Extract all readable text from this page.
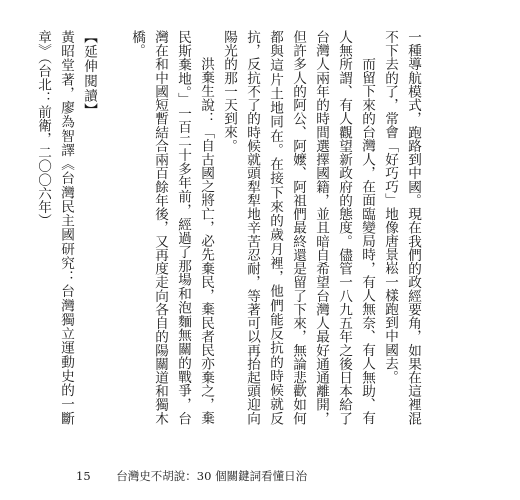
一種導航模式，跑路到中國。現在我們的政經要角，如果在這裡混不下去的了，常會「好巧巧」地像唐景崧一樣跑到中國去。

而留下來的台灣人，在面臨變局時，有人無奈、有人無助、有人無所謂、有人觀望新政府的態度。儘管一八九五年之後日本給了台灣人兩年的時間選擇國籍，並且暗自希望台灣人最好通通離開，但許多人的阿公、阿嬤、阿祖們最終還是留了下來，無論悲歡如何都與這片土地同在。在接下來的歲月裡，他們能反抗的時候就反抗，反抗不了的時候就頭犁犁地辛苦忍耐，等著可以再抬起頭迎向陽光的那一天到來。

洪棄生說：「自古國之將亡，必先棄民，棄民者民亦棄之，棄民斯棄地。」一百二十多年前，經過了那場和泡麵無關的戰爭，台灣在和中國短暫結合兩百餘年後，又再度走向各自的陽關道和獨木橋。

【延伸閱讀】

黃昭堂著，廖為智譯《台灣民主國研究：台灣獨立運動史的一斷章》（台北：前衛，二〇〇六年）

15 台灣史不胡說：30 個關鍵詞看懂日治
